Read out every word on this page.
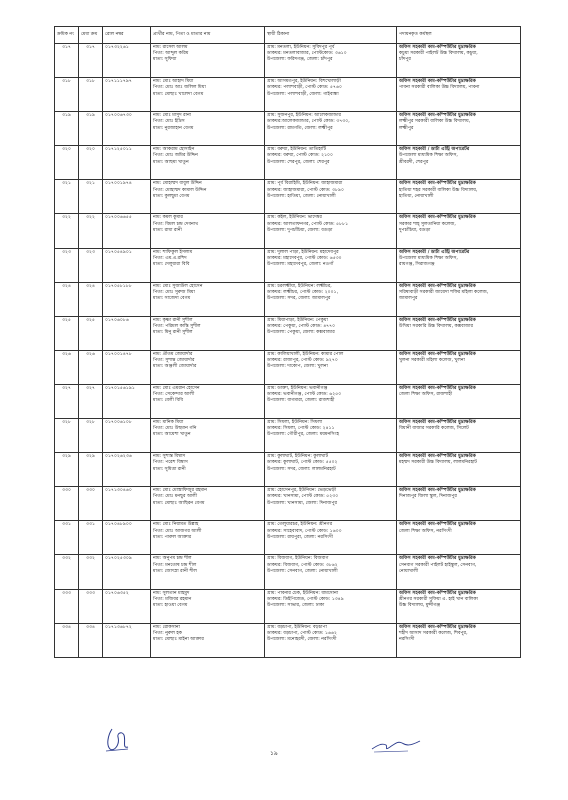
ক্রমিক নং	মেধা ক্রম	রোল নম্বর	প্রার্থীর নাম, পিতা ও মাতার নাম	স্থায়ী ঠিকানা	পদায়নকৃত কর্মস্থল

৩১৭	৩১৭	০১৭৩২২৬১	নাম: রাসেল আলম
পিতা: আব্দুল করিম
মাতা: সুফিয়া	গ্রাম: মনতলা, ইউনিয়ন: সুবিদপুর পূর্ব
ডাকঘর: মনতলাবাজার, পোস্টকোড: ৩৬১০
উপজেলা: ফরিদগঞ্জ, জেলা: চাঁদপুর	অফিস সহকারী কাম-কম্পিউটার মুদ্রাক্ষরিক
কচুয়া সরকারী পাইলট উচ্চ বিদ্যালয়, কচুয়া,
চাঁদপুর

৩১৮	৩১৮	০১৭১১১৭৯৭	নাম: মোঃ আহাদ মিয়া
পিতা: মোঃ আঃ জলিল মিয়া
মাতা: মোছাঃ খালেদা বেগম	গ্রাম: আসমতপুর, ইউনিয়ন: বিশখোলাড়ী
ডাকঘর: পলাশবাড়ী, পোস্ট কোড: ৫৭৬০
উপজেলা: পলাশবাড়ী, জেলা: গাইবান্ধা	অফিস সহকারী কাম-কম্পিউটার মুদ্রাক্ষরিক
পাবনা সরকারী বালিকা উচ্চ বিদ্যালয়, পাবনা

৩১৯	৩১৯	০১৭০০৬৭৩০	নাম: মোঃ মাসুদ রানা
পিতা: মোঃ ইদ্রিস
মাতা: নুরজাহান বেগম	গ্রাম: সুজনপুর, ইউনিয়ন: আলেকজান্ডার
ডাকঘর:আলেকজান্ডার, পোস্ট কোড: ৩৭৩০,
উপজেলা: রামগতি, জেলা: লক্ষ্মীপুর	অফিস সহকারী কাম-কম্পিউটার মুদ্রাক্ষরিক
লক্ষ্মীপুর সরকারী বালিকা উচ্চ বিদ্যালয়,
লক্ষ্মীপুর

৩২০	৩২০	০১৭১২৫০১১	নাম: আকরাম হোসাইন
পিতা: মোঃ জমির উদ্দিন
মাতা: আছমা খাতুন	গ্রাম: বরুয়া, ইউনিয়ন: তাতিহাটি
ডাকঘর: বরুয়া, পোস্ট কোড: ২১০০
উপজেলা: শেরপুর, জেলা: শেরপুর	অফিস সহকারী / ডাটা এন্ট্রি অপারেটর
উপজেলা মাধ্যমিক শিক্ষা অফিস,
শ্রীবরদী, শেরপুর

৩২১	৩২১	০১৭০০১৯৭৪	নাম: মোহাম্মদ বাবুল উদ্দিন
পিতা: মোহাম্মদ কামাল উদ্দিন
মাতা: কুলছুমা বেগম	গ্রাম: পূর্ব বিরাহিমি, ইউনিয়ন: জাহাজমারা
ডাকঘর: জাহাজমারা, পোস্ট কোড: ৩৮৯০
উপজেলা: হাতিয়া, জেলা: নোয়াখালী	অফিস সহকারী কাম-কম্পিউটার মুদ্রাক্ষরিক
হাতিয়া শহর সরকারী বালিকা উচ্চ বিদ্যালয়,
হাতিয়া, নোয়াখালী

৩২২	৩২২	০১৭০০৬৬৫৫	নাম: কমল কুমার
পিতা: বিমল চন্দ্র দেবনাথ
মাতা: রাধা রানী	গ্রাম: কইল, ইউনিয়ন: ভাদেশ্বর
ডাকঘর: আলতাফনগর, পোস্ট কোড: ৫৮৮১
উপজেলা: দুপচাঁচিয়া, জেলা: বগুড়া	অফিস সহকারী কাম-কম্পিউটার মুদ্রাক্ষরিক
সরকার শাহ্ সুলতানিয়া কলেজ,
দুপচাঁচিয়া, বগুড়া

৩২৩	৩২৩	০১৭০৫৪৯০১	নাম: শাফিকুল ইসলাম
পিতা: এম.এ.রশিদ
মাতা: দেলুয়ারা বিবি	গ্রাম: দুলাল পাড়া, ইউনিয়ন: মহাদেবপুর
ডাকঘর: মহাদেবপুর, পোস্ট কোড: ৬৫৩০
উপজেলা: মহাদেবপুর, জেলা: নওগাঁ	অফিস সহকারী / ডাটা এন্ট্রি অপারেটর
উপজেলা মাধ্যমিক শিক্ষা অফিস,
রায়গঞ্জ, সিরাজগঞ্জ

৩২৪	৩২৪	০১৭০৫৮১৮৮	নাম: মোঃ সুজাউল হোসেন
পিতা: মোঃ সুরুজ মিয়া
মাতা: সাজেদা বেগম	গ্রাম: চরলক্ষ্মীয়া, ইউনিয়ন: লক্ষ্মীচর,
ডাকঘর: লক্ষ্মীচর, পোস্ট কোড: ২০০১,
উপজেলা: সদর, জেলা: জামালপুর	অফিস সহকারী কাম-কম্পিউটার মুদ্রাক্ষরিক
সরিষাবাড়ী সরকারী জায়েদা শফির মহিলা কলেজ,
জামালপুর

৩২৫	৩২৫	০১৭০৬০৮৬	নাম: কৃষ্ণা রানী সুশীল
পিতা: পরিমল কান্তি সুশীল
মাতা: মিনু রানী সুশীল	গ্রাম: মিয়াপাড়া, ইউনিয়ন: পেকুয়া
ডাকঘর: পেকুয়া, পোস্ট কোড: ৪৭৭০
উপজেলা: পেকুয়া, জেলা: কক্সবাজার	অফিস সহকারী কাম-কম্পিউটার মুদ্রাক্ষরিক
উখিয়া সরকারি উচ্চ বিদ্যালয়, কক্সবাজার

৩২৬	৩২৬	০১৭০০১৪৭৮	নাম: প্রীতম জোয়ার্দার
পিতা: সুশান্ত জোয়ার্দার
মাতা: অঞ্জলী জোয়ার্দার	গ্রাম: কালিয়াখালী, ইউনিয়ন: কামার পোল
ডাকঘর: রাজাপুর, পোস্ট কোড: ৯২৭০
উপজেলা: দাকোপ, জেলা: খুলনা	অফিস সহকারী কাম-কম্পিউটার মুদ্রাক্ষরিক
খুলনা সরকারী মহিলা কলেজ, খুলনা

৩২৭	৩২৭	০১৭০১৫৬১৯১	নাম: মোঃ এমরান হোসেন
পিতা: সেকেন্দার আলী
মাতা: বেলী বিবি	গ্রাম: ডাক্তা, ইউনিয়ন: ভবানীগঞ্জ
ডাকঘর: ভবানীগঞ্জ, পোস্ট কোড: ৬২৫০
উপজেলা: বাগমারা, জেলা: রাজশাহী	অফিস সহকারী কাম-কম্পিউটার মুদ্রাক্ষরিক
জেলা শিক্ষা অফিস, রাজশাহী

৩২৮	৩২৮	০১৭০০৬১০৮	নাম: মানিক মিয়া
পিতা: মোঃ উছমান গনি
মাতা: আয়েশা খাতুন	গ্রাম: সিধলা, ইউনিয়ন: সিধলা
ডাকঘর: সিধলা, পোস্ট কোড: ২৪১১
উপজেলা: গৌরীপুর, জেলা: ময়মনসিংহ	অফিস সহকারী কাম-কম্পিউটার মুদ্রাক্ষরিক
বিয়ানী বাজার সরকারি কলেজ, সিলেট

৩২৯	৩২৯	০১৭০২৬২৩৬	নাম: সুশান্ত বিশ্বাস
পিতা: পরেশ বিশ্বাস
মাতা: সুমিত্রা রানী	গ্রাম: কুলাঘাট, ইউনিয়ন: কুলাঘাট
ডাকঘর: কুলাঘাট, পোস্ট কোড: ৫৫০২
উপজেলা: সদর, জেলা: লালমনিরহাট	অফিস সহকারী কাম-কম্পিউটার মুদ্রাক্ষরিক
মহম্মদ সরকারী উচ্চ বিদ্যালয়, লালমনিরহাট

৩৩০	৩৩০	০১৭১৩০৪৬০	নাম: মোঃ মোস্তাফিজুর রহমান
পিতা: মোঃ মনছুর আলী
মাতা: মোছাঃ আছিরন বেগম	গ্রাম: হোসেনপুর, ইউনিয়ন: ভেড়ভেড়ী
ডাকঘর: খানসামা, পোস্ট কোড: ৫২৩০
উপজেলা: খানসামা, জেলা: দিনাজপুর	অফিস সহকারী কাম-কম্পিউটার মুদ্রাক্ষরিক
দিনাজপুর জিলা স্কুল, দিনাজপুর

৩৩১	৩৩১	০১৭০৪৮৯০০	নাম: মোঃ নিয়ামত উল্লাহ
পিতা: মোঃ আজগর আলী
মাতা: পারুল আক্তার	গ্রাম: তেলুয়ারচর, ইউনিয়ন: শ্রীনগর
ডাকঘর: সাহেবাবাদ, পোস্ট কোড: ১৬০০
উপজেলা: রায়পুরা, জেলা: নরসিংদী	অফিস সহকারী কাম-কম্পিউটার মুদ্রাক্ষরিক
জেলা শিক্ষা অফিস, নরসিংদী

৩৩২	৩৩২	০১৭০২৫৩০৯	নাম: অনুপম চন্দ্র শীল
পিতা: মনতোষ চন্দ্র শীল
মাতা: জোৎস্না রানী শীল	গ্রাম: বিজবাগ, ইউনিয়ন: বিজবাগ
ডাকঘর: বিজবাগ, পোস্ট কোড: ৩৮৬২
উপজেলা: সেনবাগ, জেলা: নোয়াখালী	অফিস সহকারী কাম-কম্পিউটার মুদ্রাক্ষরিক
সেনবাগ সরকারী পাইলট হাইস্কুল, সেনবাগ,
নোয়াখালী

৩৩৩	৩৩৩	০১৭০৬৩৫২	নাম: সুলতান মাহমুদ
পিতা: মজিবর রহমান
মাতা: হাওয়া বেগম	গ্রাম: পাবনার চেক, ইউনিয়ন: ধামসোনা
ডাকঘর: ডিইপিজেড, পোস্ট কোড: ১৩৪৯
উপজেলা: সাভার, জেলা: ঢাকা	অফিস সহকারী কাম-কম্পিউটার মুদ্রাক্ষরিক
শ্রীনগর সরকারী সুফিয়া এ. হাই খান বালিকা
উচ্চ বিদ্যালয়, মুন্সীগঞ্জ

৩৩৪	৩৩৪	০১৭১৩৬৮৭২	নাম: রোকসানা
পিতা: নুরুল হক
মাতা: মোছাঃ মাইনা আক্তার	গ্রাম: বড়চাপা, ইউনিয়ন: বড়চাপা
ডাকঘর: বড়চাপা, পোস্ট কোড: ১৬৬২
উপজেলা: মনোহরদী, জেলা: নরসিংদী	অফিস সহকারী কাম-কম্পিউটার মুদ্রাক্ষরিক
শহীদ আসাদ সরকারী কলেজ, শিবপুর,
নরসিংদী
১৯
